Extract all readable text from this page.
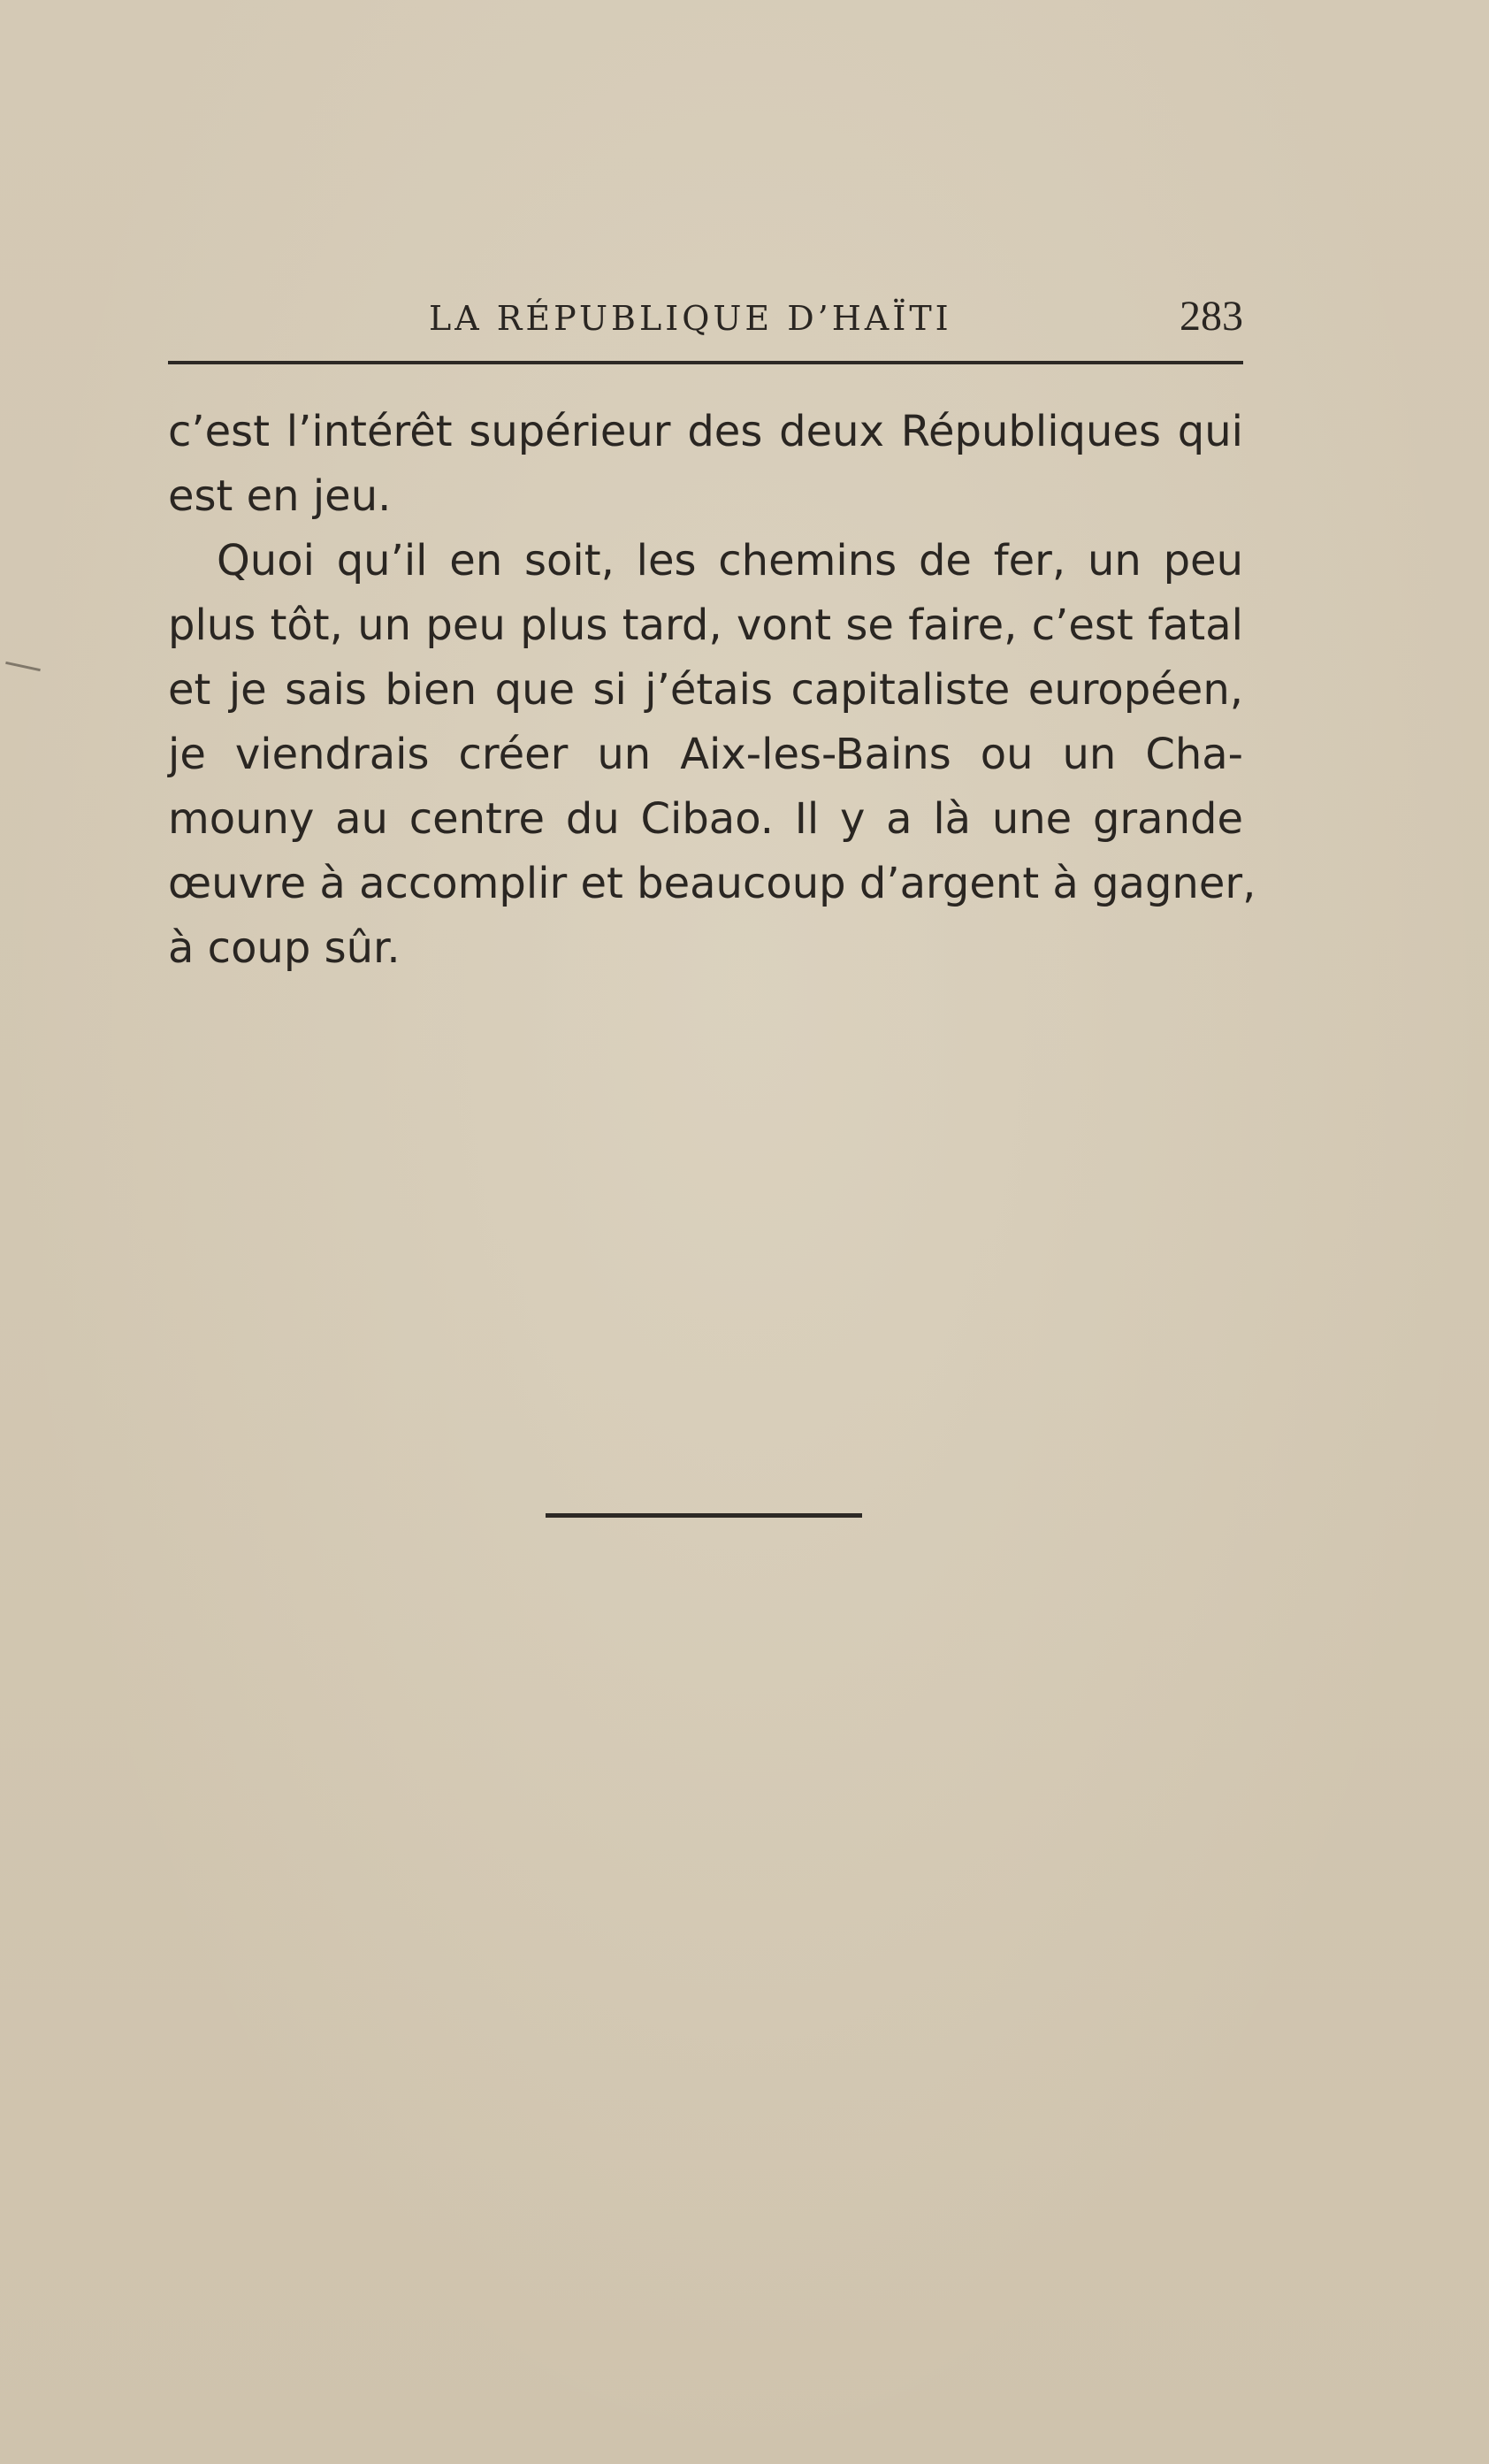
LA RÉPUBLIQUE D’HAÏTI	283
c’est l’intérêt supérieur des deux Républiques qui
est en jeu.
Quoi qu’il en soit, les chemins de fer, un peu
plus tôt, un peu plus tard, vont se faire, c’est fatal
et je sais bien que si j’étais capitaliste européen,
je viendrais créer un Aix-les-Bains ou un Cha-
mouny au centre du Cibao. Il y a là une grande
œuvre à accomplir et beaucoup d’argent à gagner,
à coup sûr.
